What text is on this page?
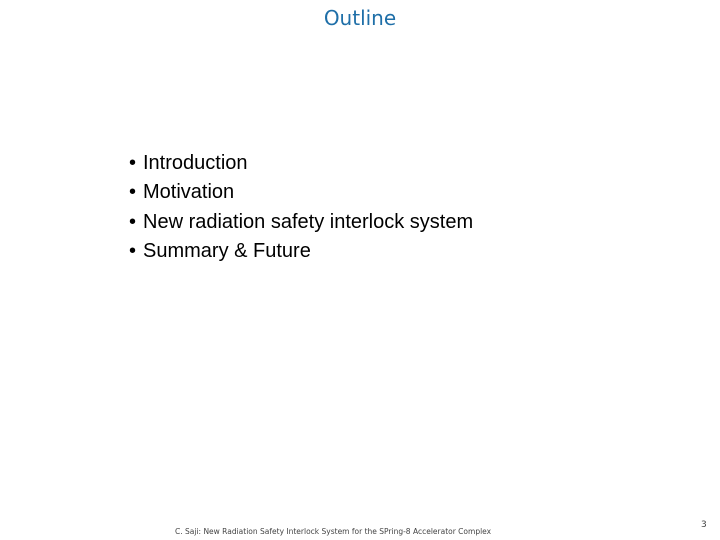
Outline
• Introduction
• Motivation
• New radiation safety interlock system
• Summary & Future
C. Saji: New Radiation Safety Interlock System for the SPring-8 Accelerator Complex
3
